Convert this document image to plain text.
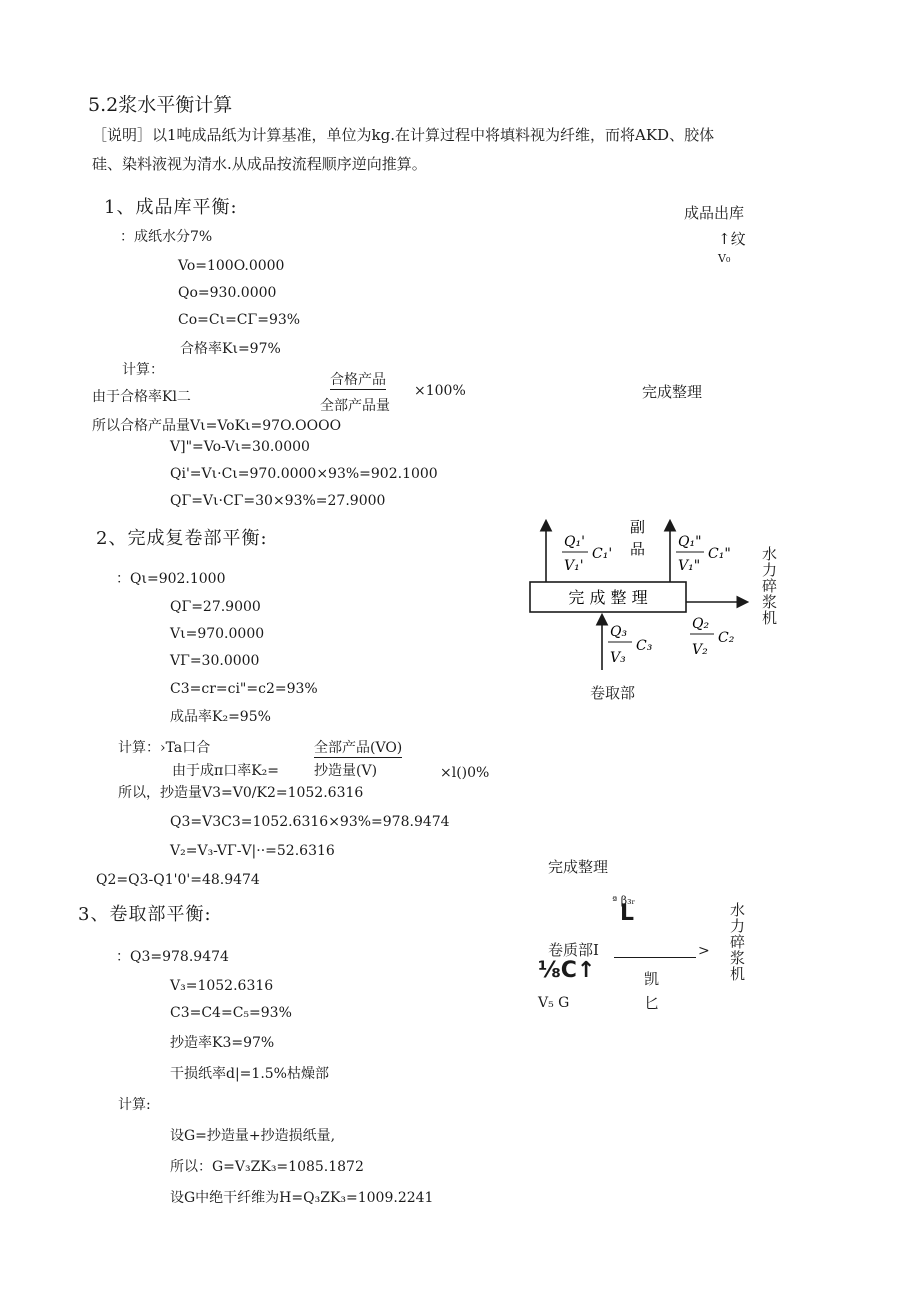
5.2浆水平衡计算
［说明］以1吨成品纸为计算基准，单位为kg.在计算过程中将填料视为纤维，而将AKD、胶体
硅、染料液视为清水.从成品按流程顺序逆向推算。
1、成品库平衡:
：成纸水分7%
Vo=100O.0000
Qo=930.0000
Co=Cι=CΓ=93%
合格率Kι=97%
计算：
由于合格率Kl二
合格产品
全部产品量
×100%
所以合格产品量Vι=VoKι=97O.OOOO
V]"=Vo-Vι=30.0000
Qi'=Vι·Cι=970.0000×93%=902.1000
QΓ=Vι·CΓ=30×93%=27.9000
成品出库
↑纹
V₀
完成整理
2、完成复卷部平衡:
：Qι=902.1000
QΓ=27.9000
Vι=970.0000
VΓ=30.0000
C3=cr=ci"=c2=93%
成品率K₂=95%
计算：›Ta口合	全部产品(VO)
由于成π口率K₂= 抄造量(V)	×l()0%
所以，抄造量V3=V0/K2=1052.6316
Q3=V3C3=1052.6316×93%=978.9474
V₂=V₃-VΓ-V|··=52.6316
Q2=Q3-Q1'0'=48.9474
完 成 整 理
Q₁'
V₁'
C₁'
副
品 Q₁"
V₁"
C₁"
Q₂
V₂
C₂
Q₃
V₃
C₃
水
力
碎
浆
机
卷取部
3、卷取部平衡:
：Q3=978.9474
V₃=1052.6316
C3=C4=C₅=93%
抄造率K3=97%
干损纸率d|=1.5%枯燥部
计算:
设G=抄造量+抄造损纸量,
所以：G=V₃ZK₃=1085.1872
设G中绝干纤维为H=Q₃ZK₃=1009.2241
完成整理
ª β₃ᵣ
L
卷质部I	>
⅛C↑
V₅ G
凯
匕
水
力
碎
浆
机
